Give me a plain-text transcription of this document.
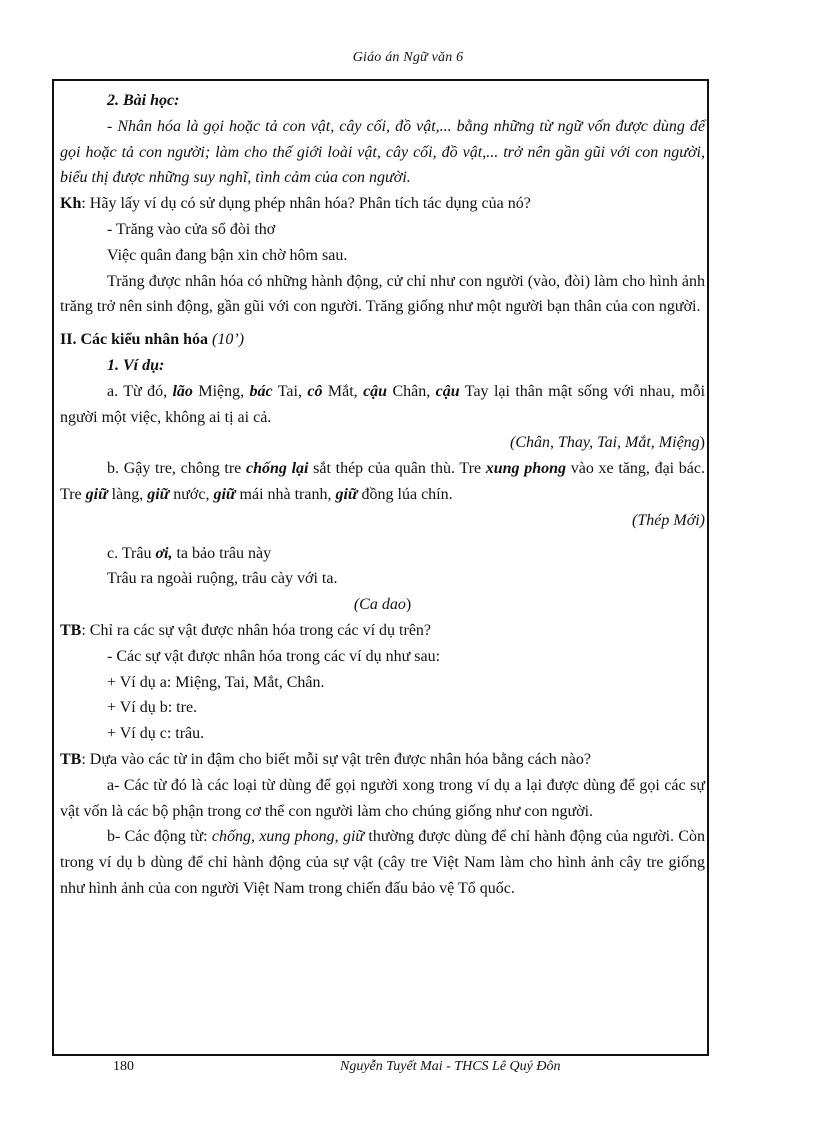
Giáo án Ngữ văn 6

2. Bài học:

- Nhân hóa là gọi hoặc tả con vật, cây cối, đồ vật,... bằng những từ ngữ vốn được dùng để gọi hoặc tả con người; làm cho thế giới loài vật, cây cối, đồ vật,... trở nên gần gũi với con người, biểu thị được những suy nghĩ, tình cảm của con người.

Kh: Hãy lấy ví dụ có sử dụng phép nhân hóa? Phân tích tác dụng của nó?

- Trăng vào cửa sổ đòi thơ

Việc quân đang bận xin chờ hôm sau.

Trăng được nhân hóa có những hành động, cử chỉ như con người (vào, đòi) làm cho hình ảnh trăng trở nên sinh động, gần gũi với con người. Trăng giống như một người bạn thân của con người.

II. Các kiểu nhân hóa (10’)

1. Ví dụ:

a. Từ đó, lão Miệng, bác Tai, cô Mắt, cậu Chân, cậu Tay lại thân mật sống với nhau, mỗi người một việc, không ai tị ai cả.

(Chân, Thay, Tai, Mắt, Miệng)

b. Gậy tre, chông tre chống lại sắt thép của quân thù. Tre xung phong vào xe tăng, đại bác. Tre giữ làng, giữ nước, giữ mái nhà tranh, giữ đồng lúa chín.

(Thép Mới)

c. Trâu ơi, ta bảo trâu này

Trâu ra ngoài ruộng, trâu cày với ta.

(Ca dao)

TB: Chỉ ra các sự vật được nhân hóa trong các ví dụ trên?

- Các sự vật được nhân hóa trong các ví dụ như sau:

+ Ví dụ a: Miệng, Tai, Mắt, Chân.

+ Ví dụ b: tre.

+ Ví dụ c: trâu.

TB: Dựa vào các từ in đậm cho biết mỗi sự vật trên được nhân hóa bằng cách nào?

a- Các từ đó là các loại từ dùng để gọi người xong trong ví dụ a lại được dùng để gọi các sự vật vốn là các bộ phận trong cơ thể con người làm cho chúng giống như con người.

b- Các động từ: chống, xung phong, giữ thường được dùng để chỉ hành động của người. Còn trong ví dụ b dùng để chỉ hành động của sự vật (cây tre Việt Nam làm cho hình ảnh cây tre giống như hình ảnh của con người Việt Nam trong chiến đấu bảo vệ Tổ quốc.

180	Nguyễn Tuyết Mai - THCS Lê Quý Đôn
